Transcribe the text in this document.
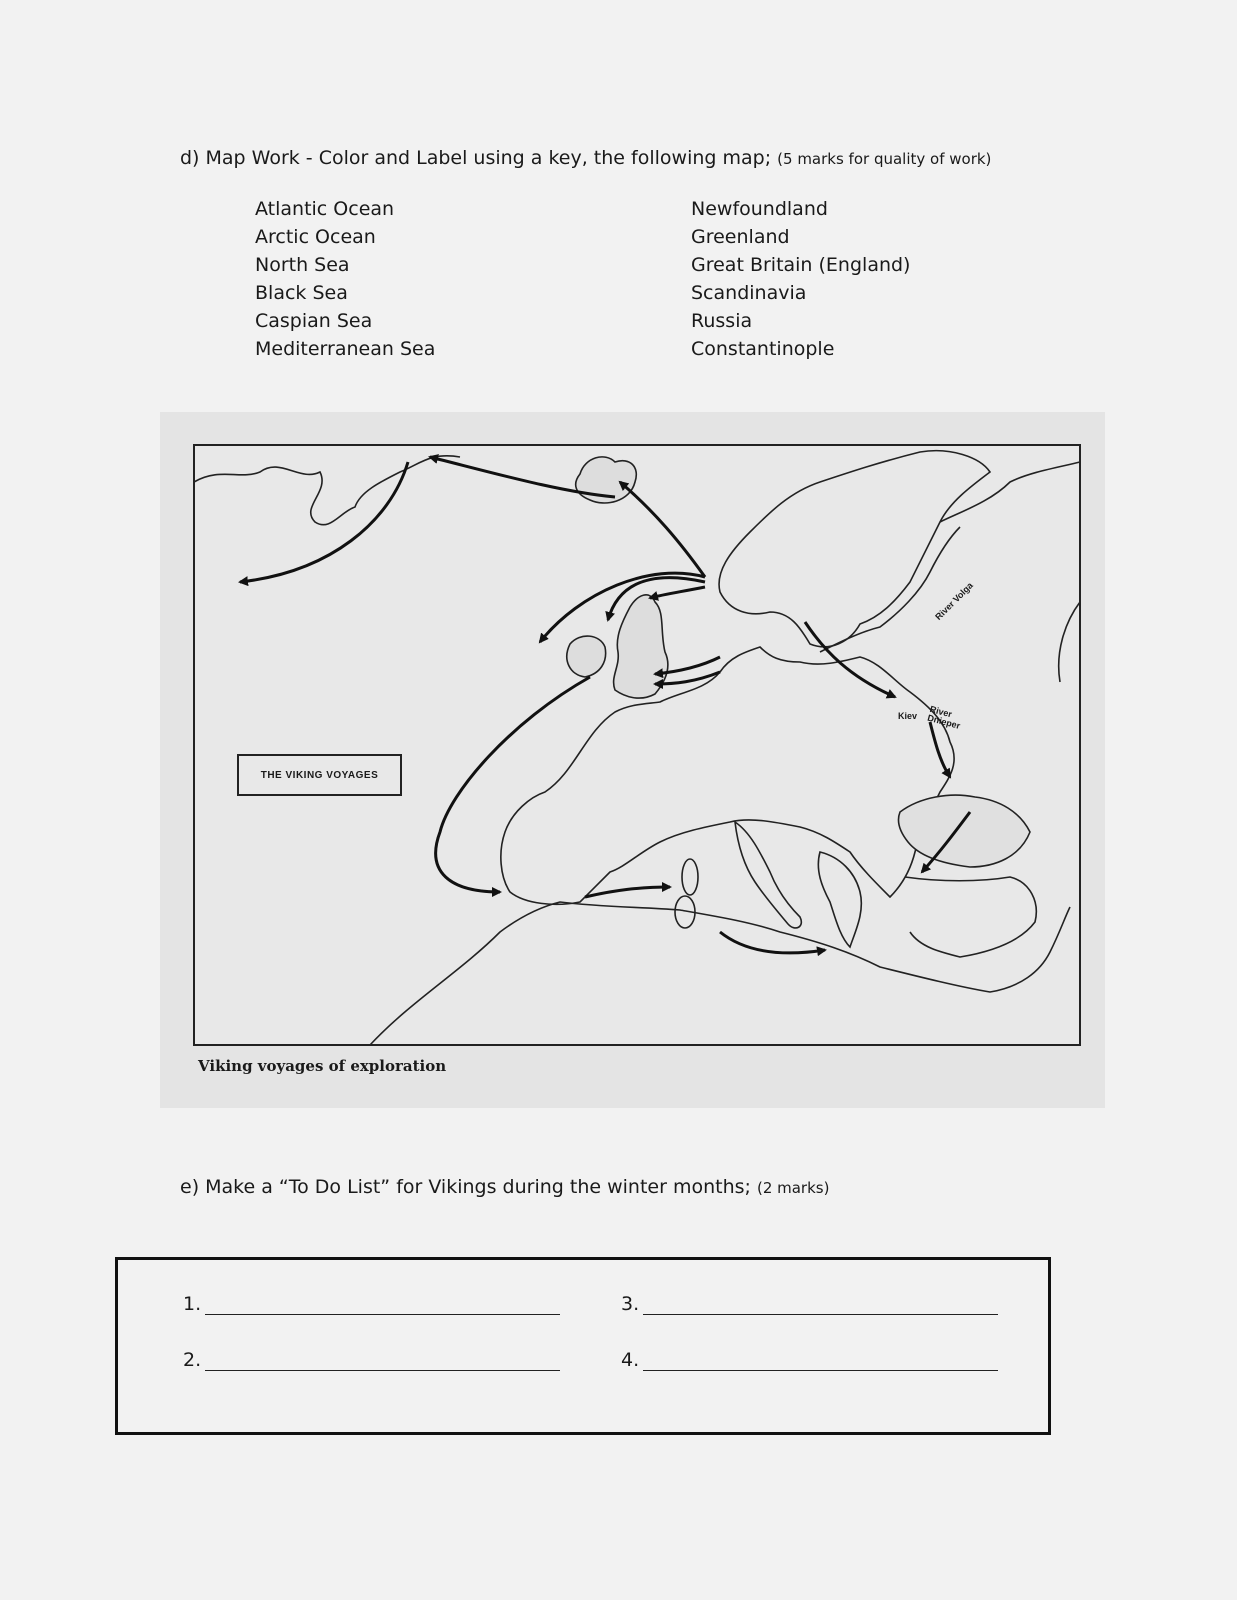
d) Map Work - Color and Label using a key, the following map; (5 marks for quality of work)
Atlantic Ocean
Arctic Ocean
North Sea
Black Sea
Caspian Sea
Mediterranean Sea
Newfoundland
Greenland
Great Britain (England)
Scandinavia
Russia
Constantinople
THE VIKING VOYAGES
River Volga
Kiev River Dnieper
Viking voyages of exploration
e) Make a “To Do List” for Vikings during the winter months; (2 marks)
1.
2.
3.
4.
